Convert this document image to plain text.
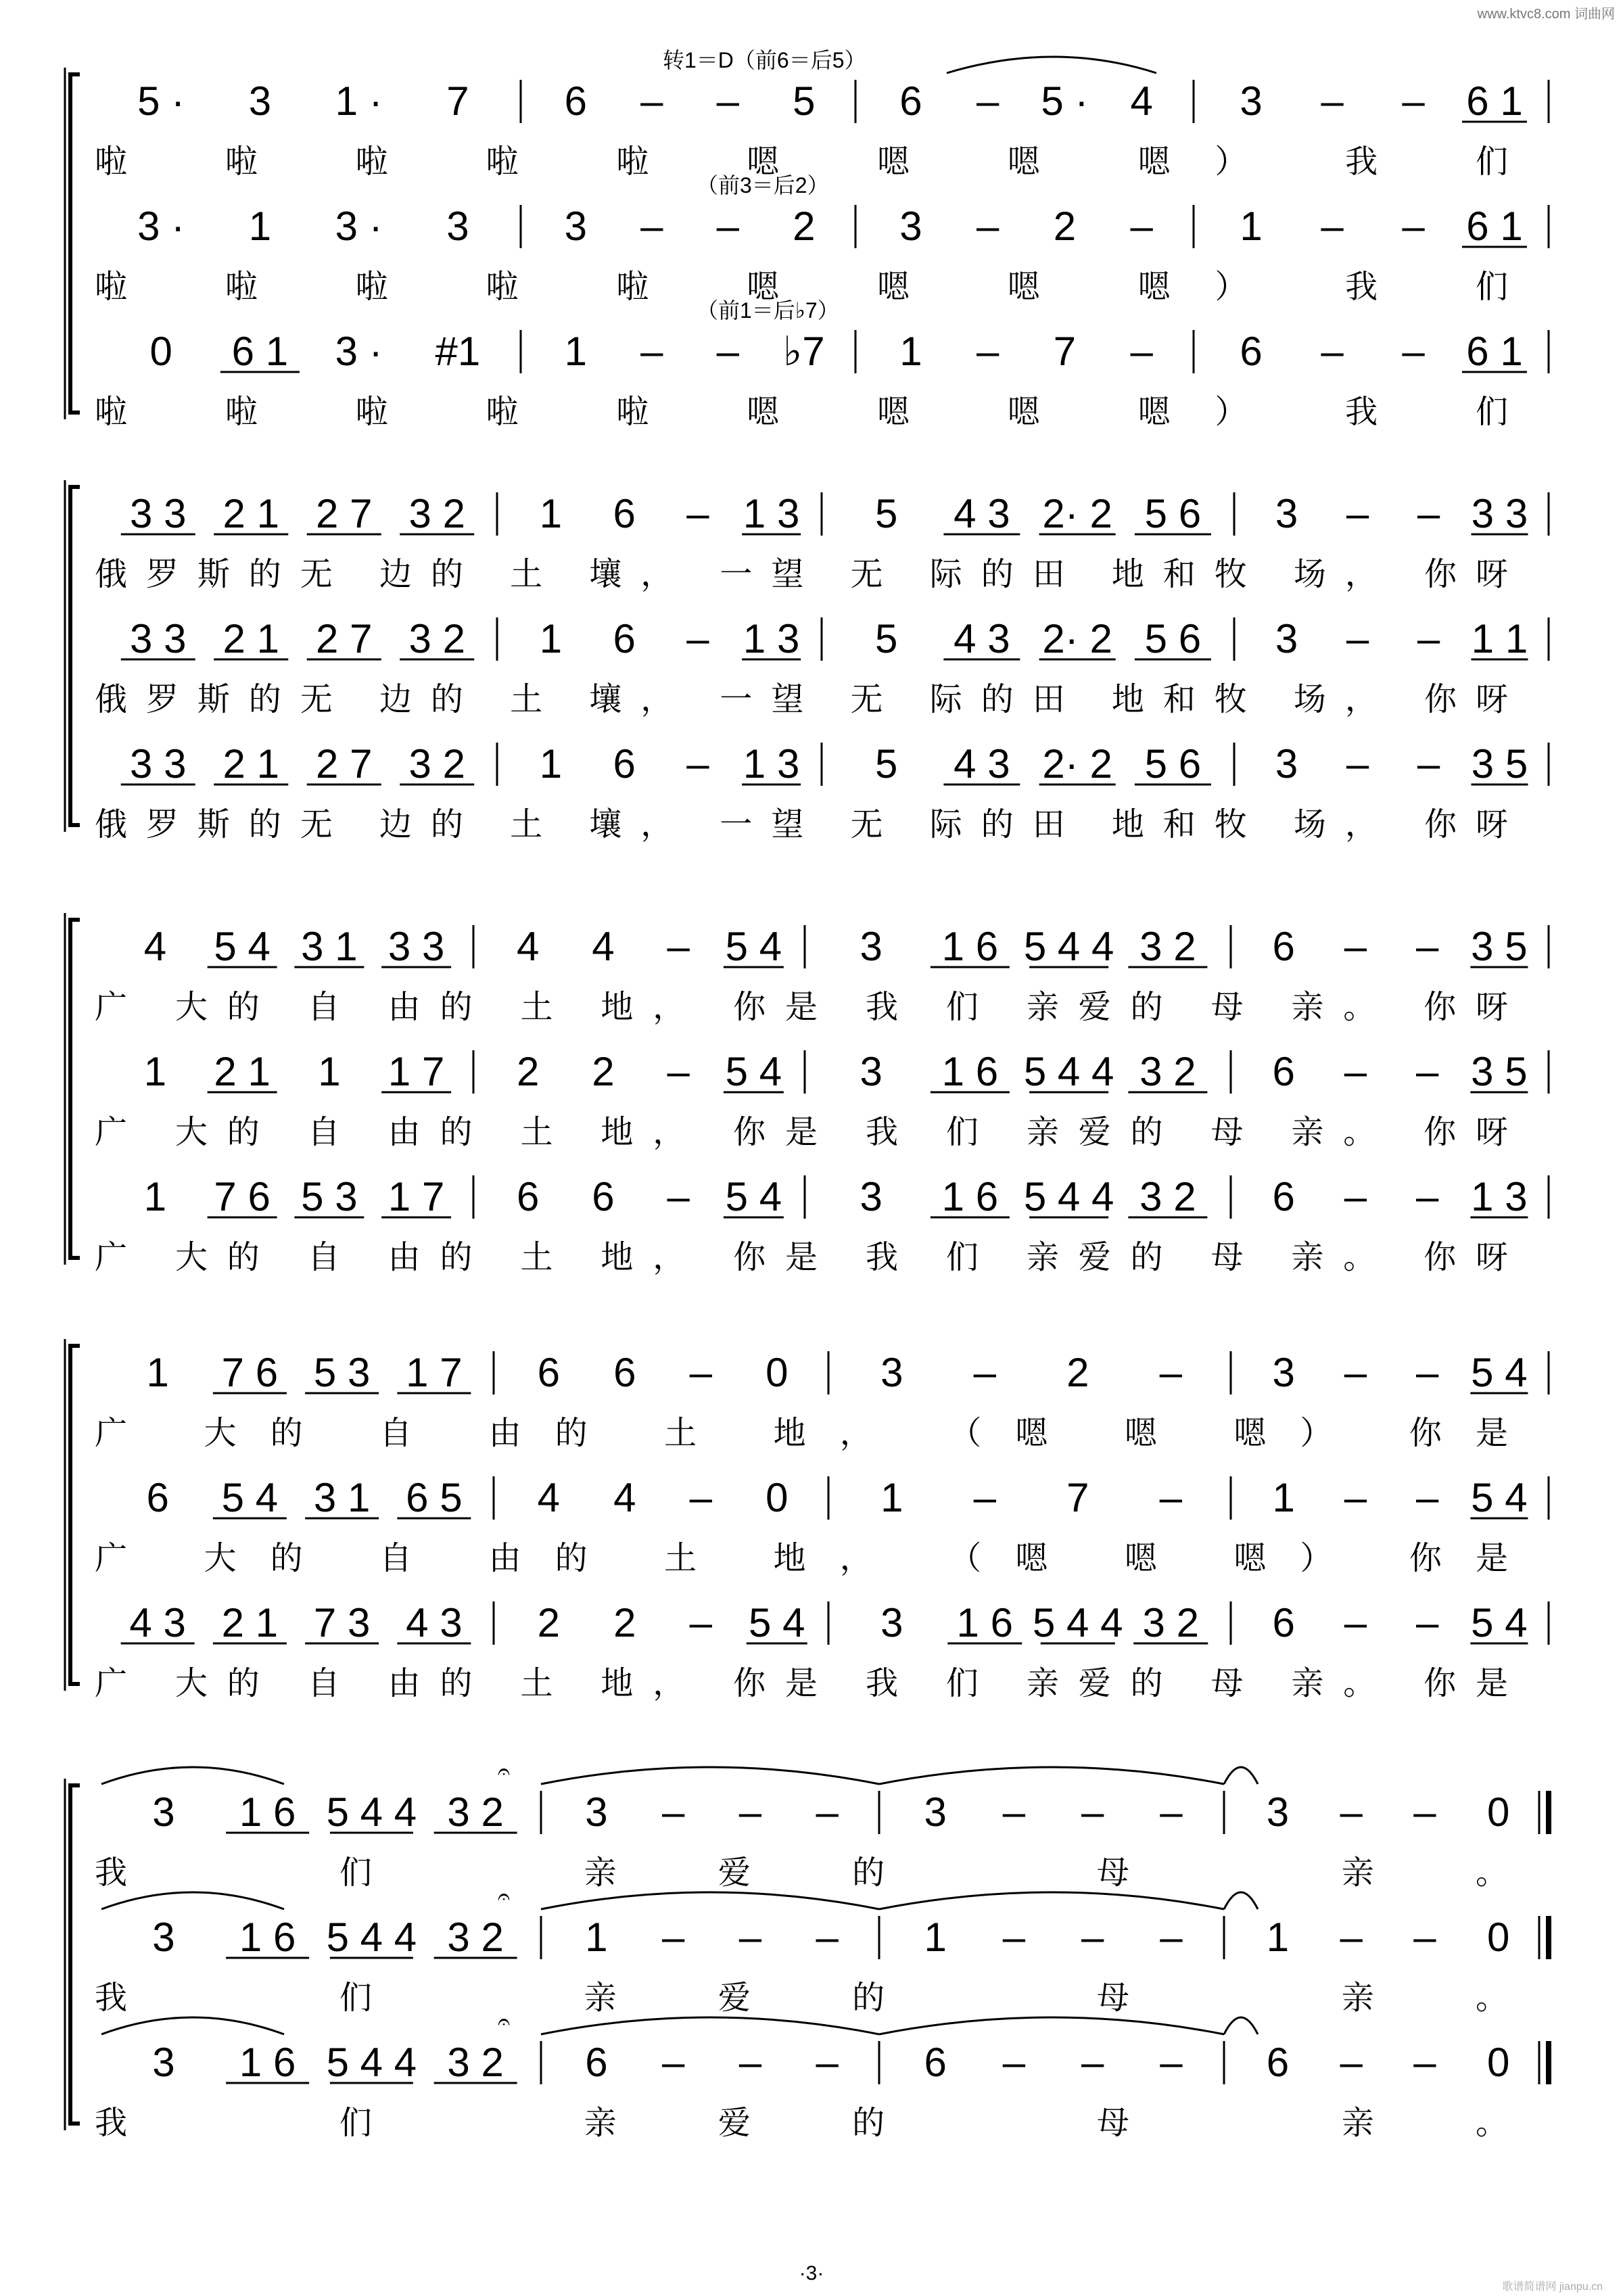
www.ktvc8.com 词曲网
5 · 3 1 · 7 6 – – 5 6 – 5 · 4 3 – – 6 1
啦 啦 啦 啦 啦 嗯 嗯 嗯 嗯） 我 们
转1＝D（前6＝后5）
3 · 1 3 · 3 3 – – 2 3 – 2 – 1 – – 6 1
啦 啦 啦 啦 啦 嗯 嗯 嗯 嗯） 我 们
（前3＝后2）
0 6 1 3 · #1 1 – – ♭7 1 – 7 – 6 – – 6 1
啦 啦 啦 啦 啦 嗯 嗯 嗯 嗯） 我 们
（前1＝后♭7）
3 3 2 1 2 7 3 2 1 6 – 1 3 5 4 3 2· 2 5 6 3 – – 3 3
俄罗斯的无 边的 土 壤， 一望 无 际的田 地和牧 场， 你呀
3 3 2 1 2 7 3 2 1 6 – 1 3 5 4 3 2· 2 5 6 3 – – 1 1
俄罗斯的无 边的 土 壤， 一望 无 际的田 地和牧 场， 你呀
3 3 2 1 2 7 3 2 1 6 – 1 3 5 4 3 2· 2 5 6 3 – – 3 5
俄罗斯的无 边的 土 壤， 一望 无 际的田 地和牧 场， 你呀
4 5 4 3 1 3 3 4 4 – 5 4 3 1 6 5 4 4 3 2 6 – – 3 5
广 大的 自 由的 土 地， 你是 我 们 亲爱的 母 亲。 你呀
1 2 1 1 1 7 2 2 – 5 4 3 1 6 5 4 4 3 2 6 – – 3 5
广 大的 自 由的 土 地， 你是 我 们 亲爱的 母 亲。 你呀
1 7 6 5 3 1 7 6 6 – 5 4 3 1 6 5 4 4 3 2 6 – – 1 3
广 大的 自 由的 土 地， 你是 我 们 亲爱的 母 亲。 你呀
1 7 6 5 3 1 7 6 6 – 0 3 – 2 – 3 – – 5 4
广 大的 自 由的 土 地， （嗯 嗯 嗯） 你是
6 5 4 3 1 6 5 4 4 – 0 1 – 7 – 1 – – 5 4
广 大的 自 由的 土 地， （嗯 嗯 嗯） 你是
4 3 2 1 7 3 4 3 2 2 – 5 4 3 1 6 5 4 4 3 2 6 – – 5 4
广 大的 自 由的 土 地， 你是 我 们 亲爱的 母 亲。 你是
3 1 6 5 4 4 3 2 3 – – – 3 – – – 3 – – 0
我 们 亲爱的 母 亲。
𝄐
3 1 6 5 4 4 3 2 1 – – – 1 – – – 1 – – 0
我 们 亲爱的 母 亲。
𝄐
3 1 6 5 4 4 3 2 6 – – – 6 – – – 6 – – 0
我 们 亲爱的 母 亲。
𝄐
·3·
歌谱简谱网 jianpu.cn
